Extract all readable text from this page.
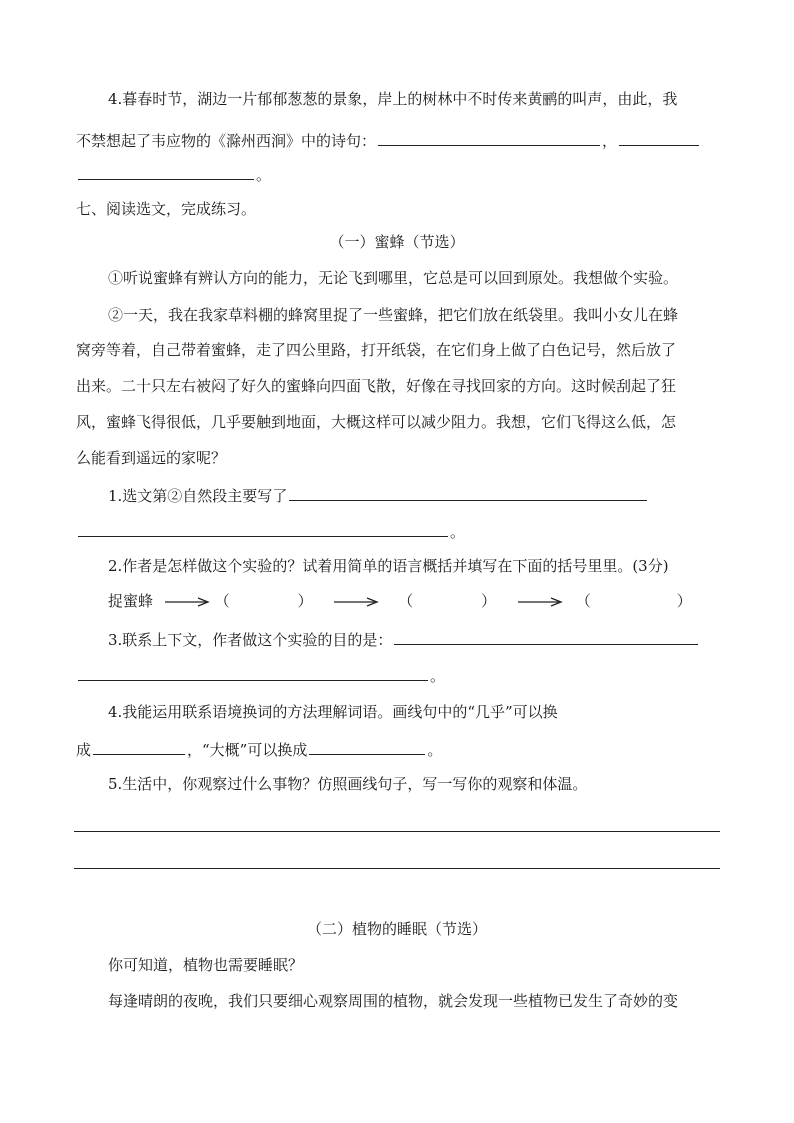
4.暮春时节，湖边一片郁郁葱葱的景象，岸上的树林中不时传来黄鹂的叫声，由此，我
不禁想起了韦应物的《滁州西涧》中的诗句：	，
。
七、阅读选文，完成练习。
（一）蜜蜂（节选）
①听说蜜蜂有辨认方向的能力，无论飞到哪里，它总是可以回到原处。我想做个实验。
②一天，我在我家草料棚的蜂窝里捉了一些蜜蜂，把它们放在纸袋里。我叫小女儿在蜂
窝旁等着，自己带着蜜蜂，走了四公里路，打开纸袋，在它们身上做了白色记号，然后放了
出来。二十只左右被闷了好久的蜜蜂向四面飞散，好像在寻找回家的方向。这时候刮起了狂
风，蜜蜂飞得很低，几乎要触到地面，大概这样可以减少阻力。我想，它们飞得这么低，怎
么能看到遥远的家呢？
1.选文第②自然段主要写了
。
2.作者是怎样做这个实验的？试着用简单的语言概括并填写在下面的括号里里。(3分)
捉蜜蜂	（	）	（	）	（	）
3.联系上下文，作者做这个实验的目的是：
。
4.我能运用联系语境换词的方法理解词语。画线句中的“几乎”可以换
成	，“大概”可以换成	。
5.生活中，你观察过什么事物？仿照画线句子，写一写你的观察和体温。
（二）植物的睡眠（节选）
你可知道，植物也需要睡眠？
每逢晴朗的夜晚，我们只要细心观察周围的植物，就会发现一些植物已发生了奇妙的变
